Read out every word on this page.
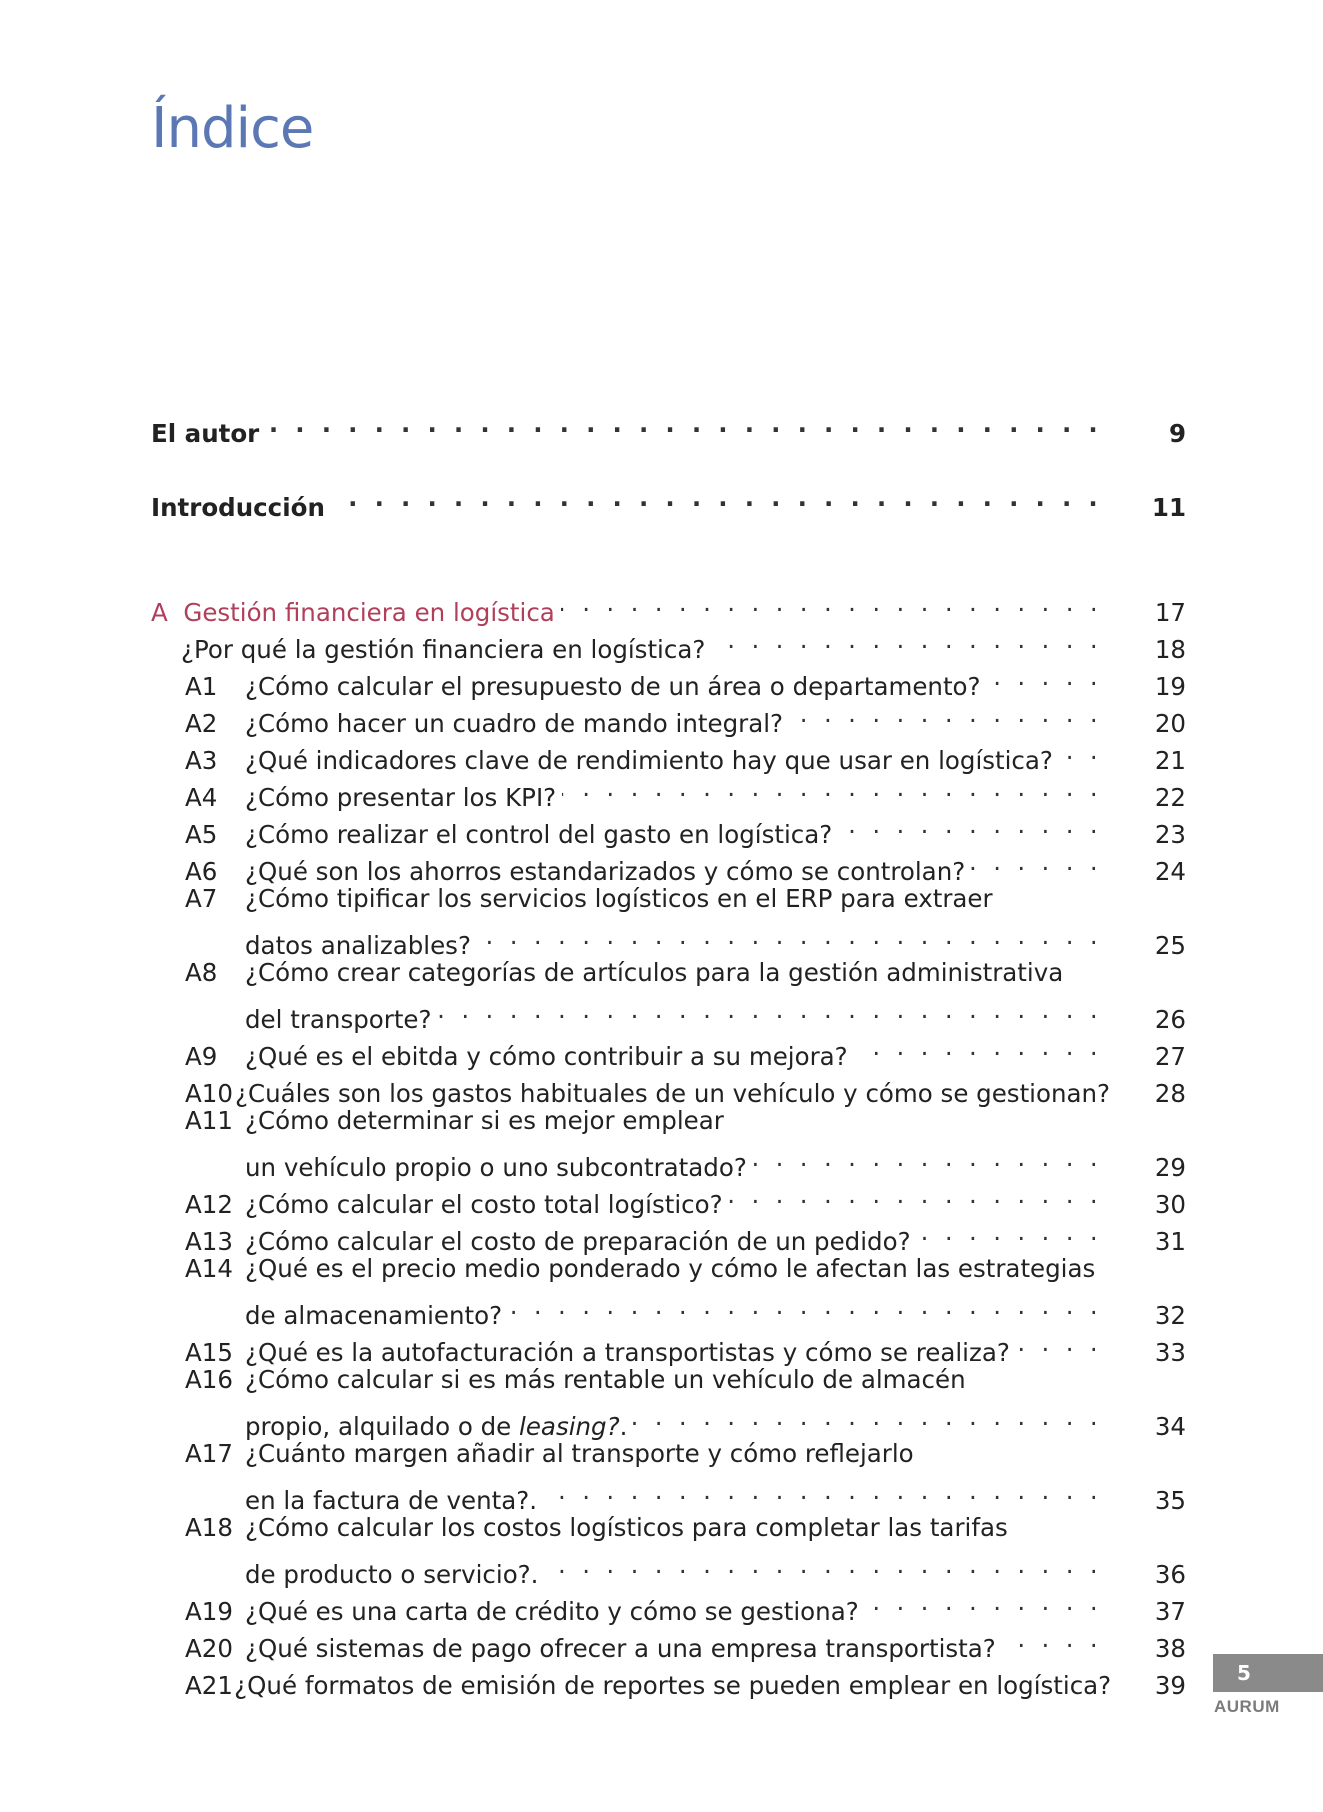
Índice
El autor . . .	9
Introducción . . .	11
A  Gestión financiera en logística . . .	17
¿Por qué la gestión financiera en logística? . . .	18
A1	¿Cómo calcular el presupuesto de un área o departamento? . . .	19
A2	¿Cómo hacer un cuadro de mando integral? . . .	20
A3	¿Qué indicadores clave de rendimiento hay que usar en logística? . . .	21
A4	¿Cómo presentar los KPI? . . .	22
A5	¿Cómo realizar el control del gasto en logística? . . .	23
A6	¿Qué son los ahorros estandarizados y cómo se controlan? . . .	24
A7	¿Cómo tipificar los servicios logísticos en el ERP para extraer
datos analizables? . . .	25
A8	¿Cómo crear categorías de artículos para la gestión administrativa
del transporte? . . .	26
A9	¿Qué es el ebitda y cómo contribuir a su mejora? . . .	27
A10 ¿Cuáles son los gastos habituales de un vehículo y cómo se gestionan?	28
A11 ¿Cómo determinar si es mejor emplear
un vehículo propio o uno subcontratado? . . .	29
A12 ¿Cómo calcular el costo total logístico? . . .	30
A13 ¿Cómo calcular el costo de preparación de un pedido? . . .	31
A14 ¿Qué es el precio medio ponderado y cómo le afectan las estrategias
de almacenamiento? . . .	32
A15 ¿Qué es la autofacturación a transportistas y cómo se realiza? . . .	33
A16 ¿Cómo calcular si es más rentable un vehículo de almacén
propio, alquilado o de leasing?. . . .	34
A17 ¿Cuánto margen añadir al transporte y cómo reflejarlo
en la factura de venta?. . . .	35
A18 ¿Cómo calcular los costos logísticos para completar las tarifas
de producto o servicio?. . . .	36
A19 ¿Qué es una carta de crédito y cómo se gestiona? . . .	37
A20 ¿Qué sistemas de pago ofrecer a una empresa transportista? . . .	38
A21 ¿Qué formatos de emisión de reportes se pueden emplear en logística?	39	5
AURUM
